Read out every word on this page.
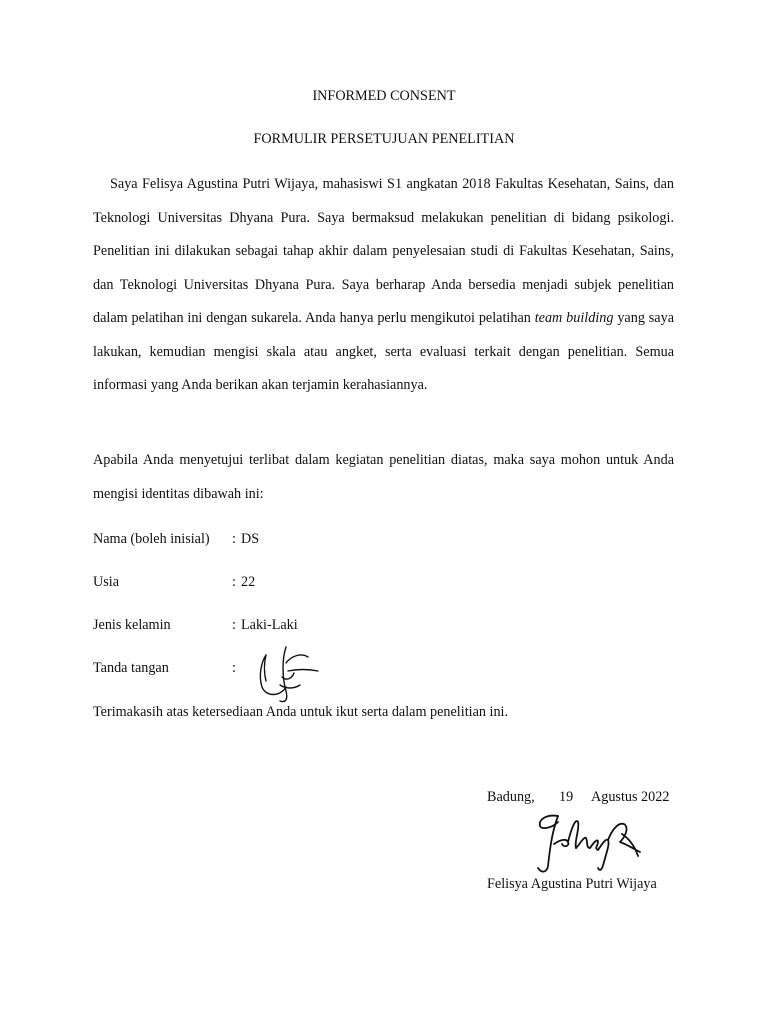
INFORMED CONSENT
FORMULIR PERSETUJUAN PENELITIAN

Saya Felisya Agustina Putri Wijaya, mahasiswi S1 angkatan 2018 Fakultas Kesehatan, Sains, dan Teknologi Universitas Dhyana Pura. Saya bermaksud melakukan penelitian di bidang psikologi. Penelitian ini dilakukan sebagai tahap akhir dalam penyelesaian studi di Fakultas Kesehatan, Sains, dan Teknologi Universitas Dhyana Pura. Saya berharap Anda bersedia menjadi subjek penelitian dalam pelatihan ini dengan sukarela. Anda hanya perlu mengikutoi pelatihan team building yang saya lakukan, kemudian mengisi skala atau angket, serta evaluasi terkait dengan penelitian. Semua informasi yang Anda berikan akan terjamin kerahasiannya.

Apabila Anda menyetujui terlibat dalam kegiatan penelitian diatas, maka saya mohon untuk Anda mengisi identitas dibawah ini:

Nama (boleh inisial) : DS
Usia	: 22
Jenis kelamin	: Laki-Laki
Tanda tangan	:

Terimakasih atas ketersediaan Anda untuk ikut serta dalam penelitian ini.

Badung, 19 Agustus 2022

Felisya Agustina Putri Wijaya
